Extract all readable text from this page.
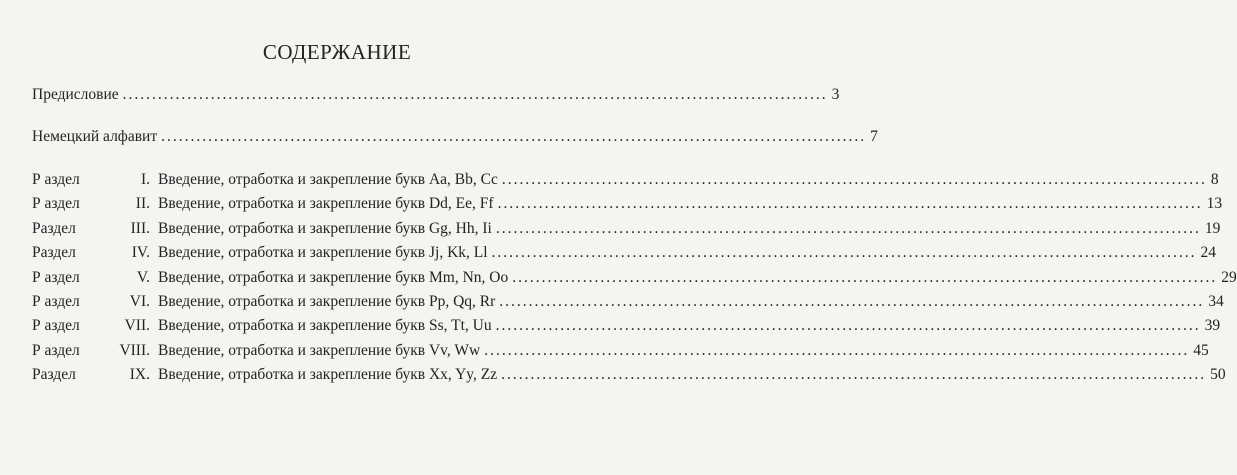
СОДЕРЖАНИЕ
Предисловие ........................................................................................................................ 3
Немецкий алфавит ........................................................................................................................ 7
Р аздел	I. Введение, отработка и закрепление букв Aa, Bb, Cc ........................................................................................................................ 8
Р аздел	II. Введение, отработка и закрепление букв Dd, Ee, Ff ........................................................................................................................ 13
Раздел	III. Введение, отработка и закрепление букв Gg, Hh, Ii ........................................................................................................................ 19
Раздел	IV. Введение, отработка и закрепление букв Jj, Kk, Ll ........................................................................................................................ 24
Р аздел	V. Введение, отработка и закрепление букв Mm, Nn, Oo ........................................................................................................................ 29
Р аздел	VI. Введение, отработка и закрепление букв Pp, Qq, Rr ........................................................................................................................ 34
Р аздел	VII. Введение, отработка и закрепление букв Ss, Tt, Uu ........................................................................................................................ 39
Р аздел	VIII. Введение, отработка и закрепление букв Vv, Ww ........................................................................................................................ 45
Раздел	IX. Введение, отработка и закрепление букв Xx, Yy, Zz ........................................................................................................................ 50
